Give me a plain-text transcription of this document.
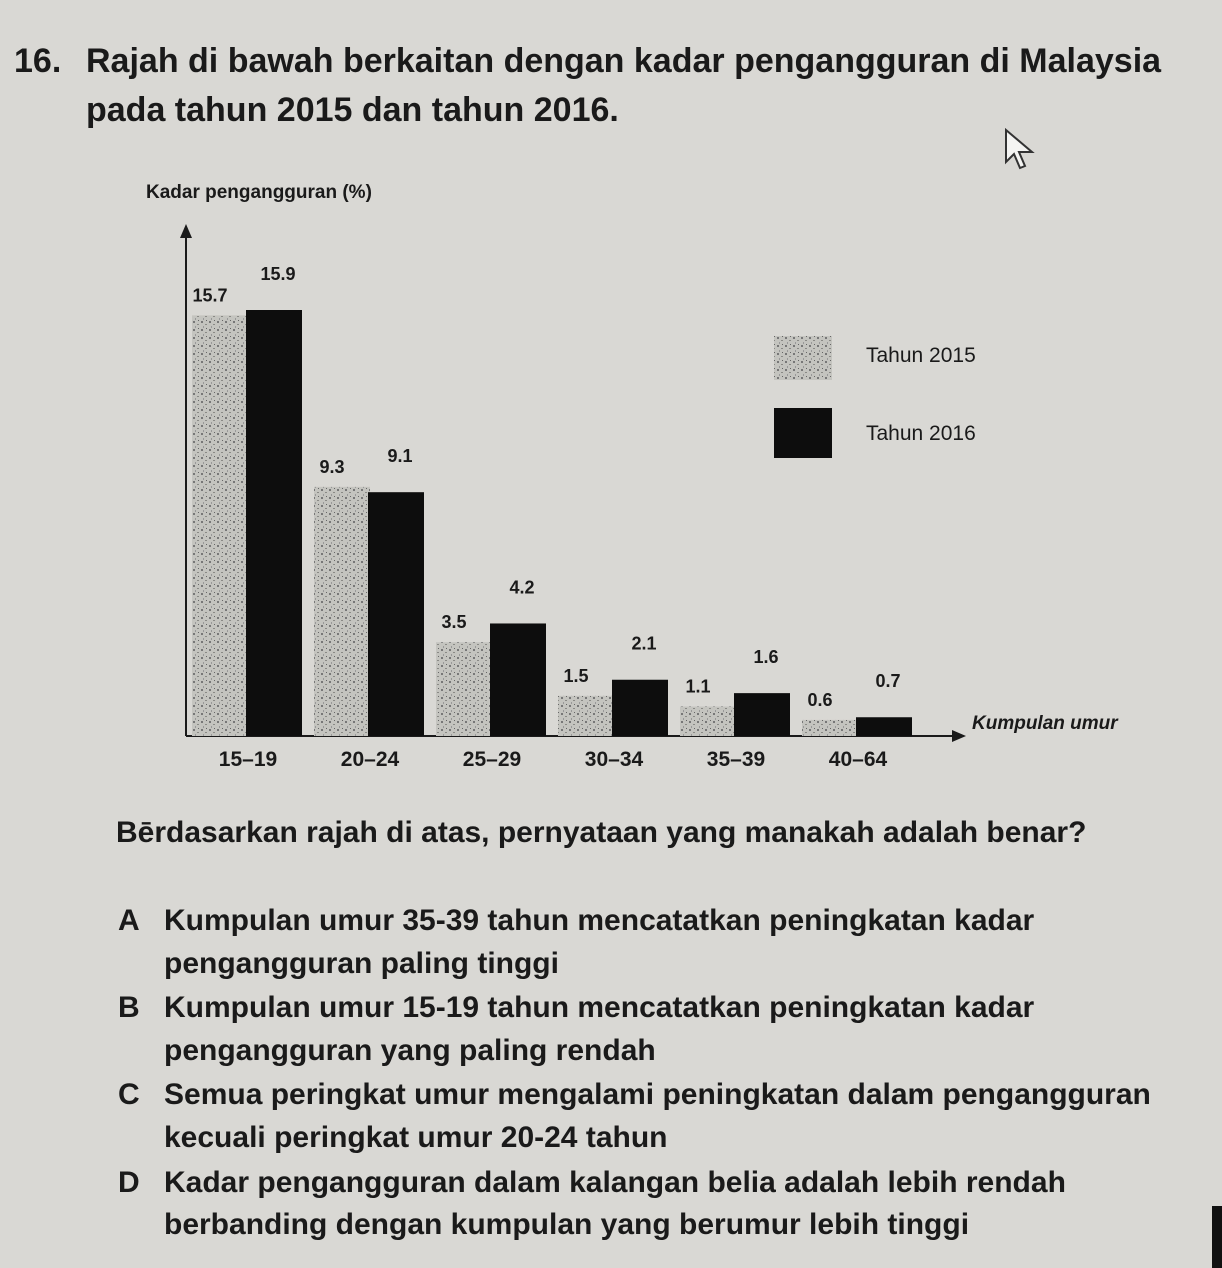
16. Rajah di bawah berkaitan dengan kadar pengangguran di Malaysia
pada tahun 2015 dan tahun 2016.
Kadar pengangguran (%)
Kumpulan umur
15.7
15.9
15–19
9.3
9.1
20–24
3.5
4.2
25–29
1.5
2.1
30–34
1.1
1.6
35–39
0.6
0.7
40–64
Tahun 2015
Tahun 2016
Bērdasarkan rajah di atas, pernyataan yang manakah adalah benar?
A Kumpulan umur 35-39 tahun mencatatkan peningkatan kadar pengangguran paling tinggi
B Kumpulan umur 15-19 tahun mencatatkan peningkatan kadar pengangguran yang paling rendah
C Semua peringkat umur mengalami peningkatan dalam pengangguran kecuali peringkat umur 20-24 tahun
D Kadar pengangguran dalam kalangan belia adalah lebih rendah berbanding dengan kumpulan yang berumur lebih tinggi
